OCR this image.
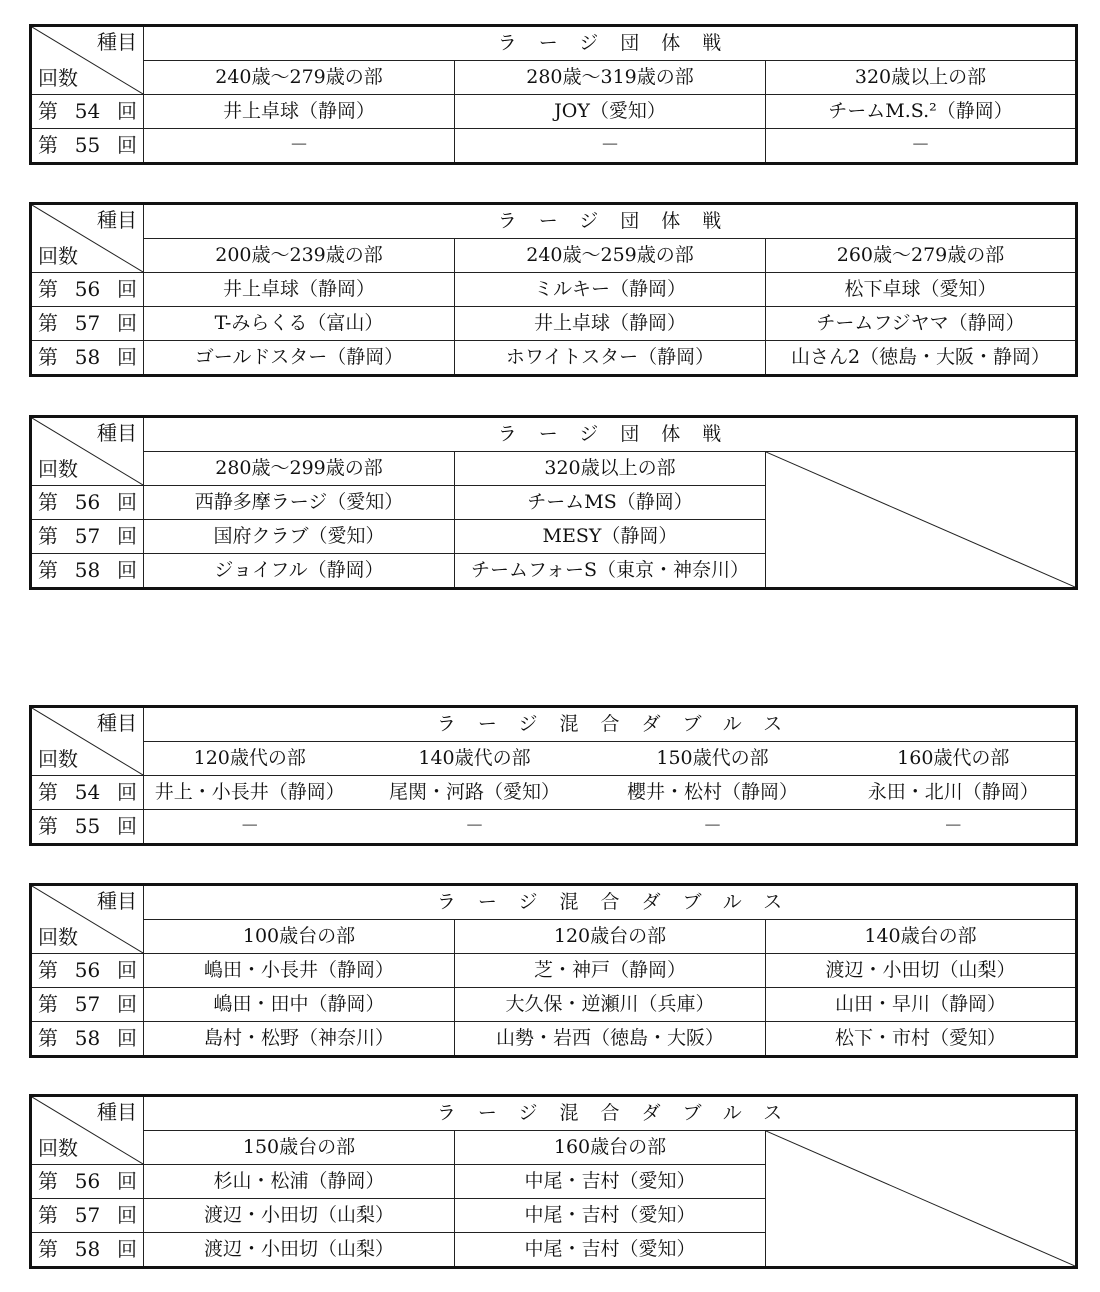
種目
回数	ラージ団体戦		
	240歳〜279歳の部	280歳〜319歳の部	320歳以上の部

第 54 回	井上卓球（静岡）	JOY（愛知）	チームM.S.²（静岡）

第 55 回	－	－	－
種目
回数	ラージ団体戦		
	200歳〜239歳の部	240歳〜259歳の部	260歳〜279歳の部

第 56 回	井上卓球（静岡）	ミルキー（静岡）	松下卓球（愛知）

第 57 回	T-みらくる（富山）	井上卓球（静岡）	チームフジヤマ（静岡）

第 58 回	ゴールドスター（静岡）	ホワイトスター（静岡）	山さん2（徳島・大阪・静岡）
種目
回数	ラージ団体戦		
	280歳〜299歳の部	320歳以上の部	

第 56 回	西静多摩ラージ（愛知）	チームMS（静岡）	

第 57 回	国府クラブ（愛知）	MESY（静岡）	

第 58 回	ジョイフル（静岡）	チームフォーS（東京・神奈川）	
種目
回数	ラージ混合ダブルス			
	120歳代の部	140歳代の部	150歳代の部	160歳代の部

第 54 回	井上・小長井（静岡）	尾関・河路（愛知）	櫻井・松村（静岡）	永田・北川（静岡）

第 55 回	－	－	－	－
種目
回数	ラージ混合ダブルス		
	100歳台の部	120歳台の部	140歳台の部

第 56 回	嶋田・小長井（静岡）	芝・神戸（静岡）	渡辺・小田切（山梨）

第 57 回	嶋田・田中（静岡）	大久保・逆瀬川（兵庫）	山田・早川（静岡）

第 58 回	島村・松野（神奈川）	山勢・岩西（徳島・大阪）	松下・市村（愛知）
種目
回数	ラージ混合ダブルス		
	150歳台の部	160歳台の部	

第 56 回	杉山・松浦（静岡）	中尾・吉村（愛知）	

第 57 回	渡辺・小田切（山梨）	中尾・吉村（愛知）	

第 58 回	渡辺・小田切（山梨）	中尾・吉村（愛知）	
